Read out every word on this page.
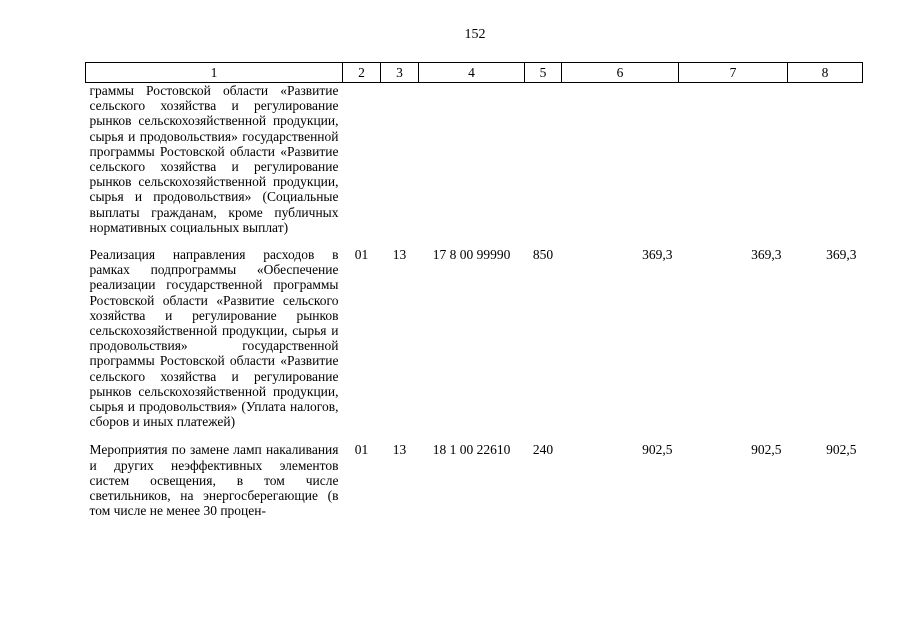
152
1	2	3	4	5	6	7	8
граммы Ростовской области «Развитие сельского хозяйства и регулирование рынков сельскохозяйственной продукции, сырья и продовольствия» государственной программы Ростовской области «Развитие сельского хозяйства и регулирование рынков сельскохозяйственной продукции, сырья и продовольствия» (Социальные выплаты гражданам, кроме публичных нормативных социальных выплат)							
Реализация направления расходов в рамках подпрограммы «Обеспечение реализации государственной программы Ростовской области «Развитие сельского хозяйства и регулирование рынков сельскохозяйственной продукции, сырья и продовольствия» государственной программы Ростовской области «Развитие сельского хозяйства и регулирование рынков сельскохозяйственной продукции, сырья и продовольствия» (Уплата налогов, сборов и иных платежей)	01	13	17 8 00 99990	850	369,3	369,3	369,3
Мероприятия по замене ламп накаливания и других неэффективных элементов систем освещения, в том числе светильников, на энергосберегающие (в том числе не менее 30 процен-	01	13	18 1 00 22610	240	902,5	902,5	902,5
